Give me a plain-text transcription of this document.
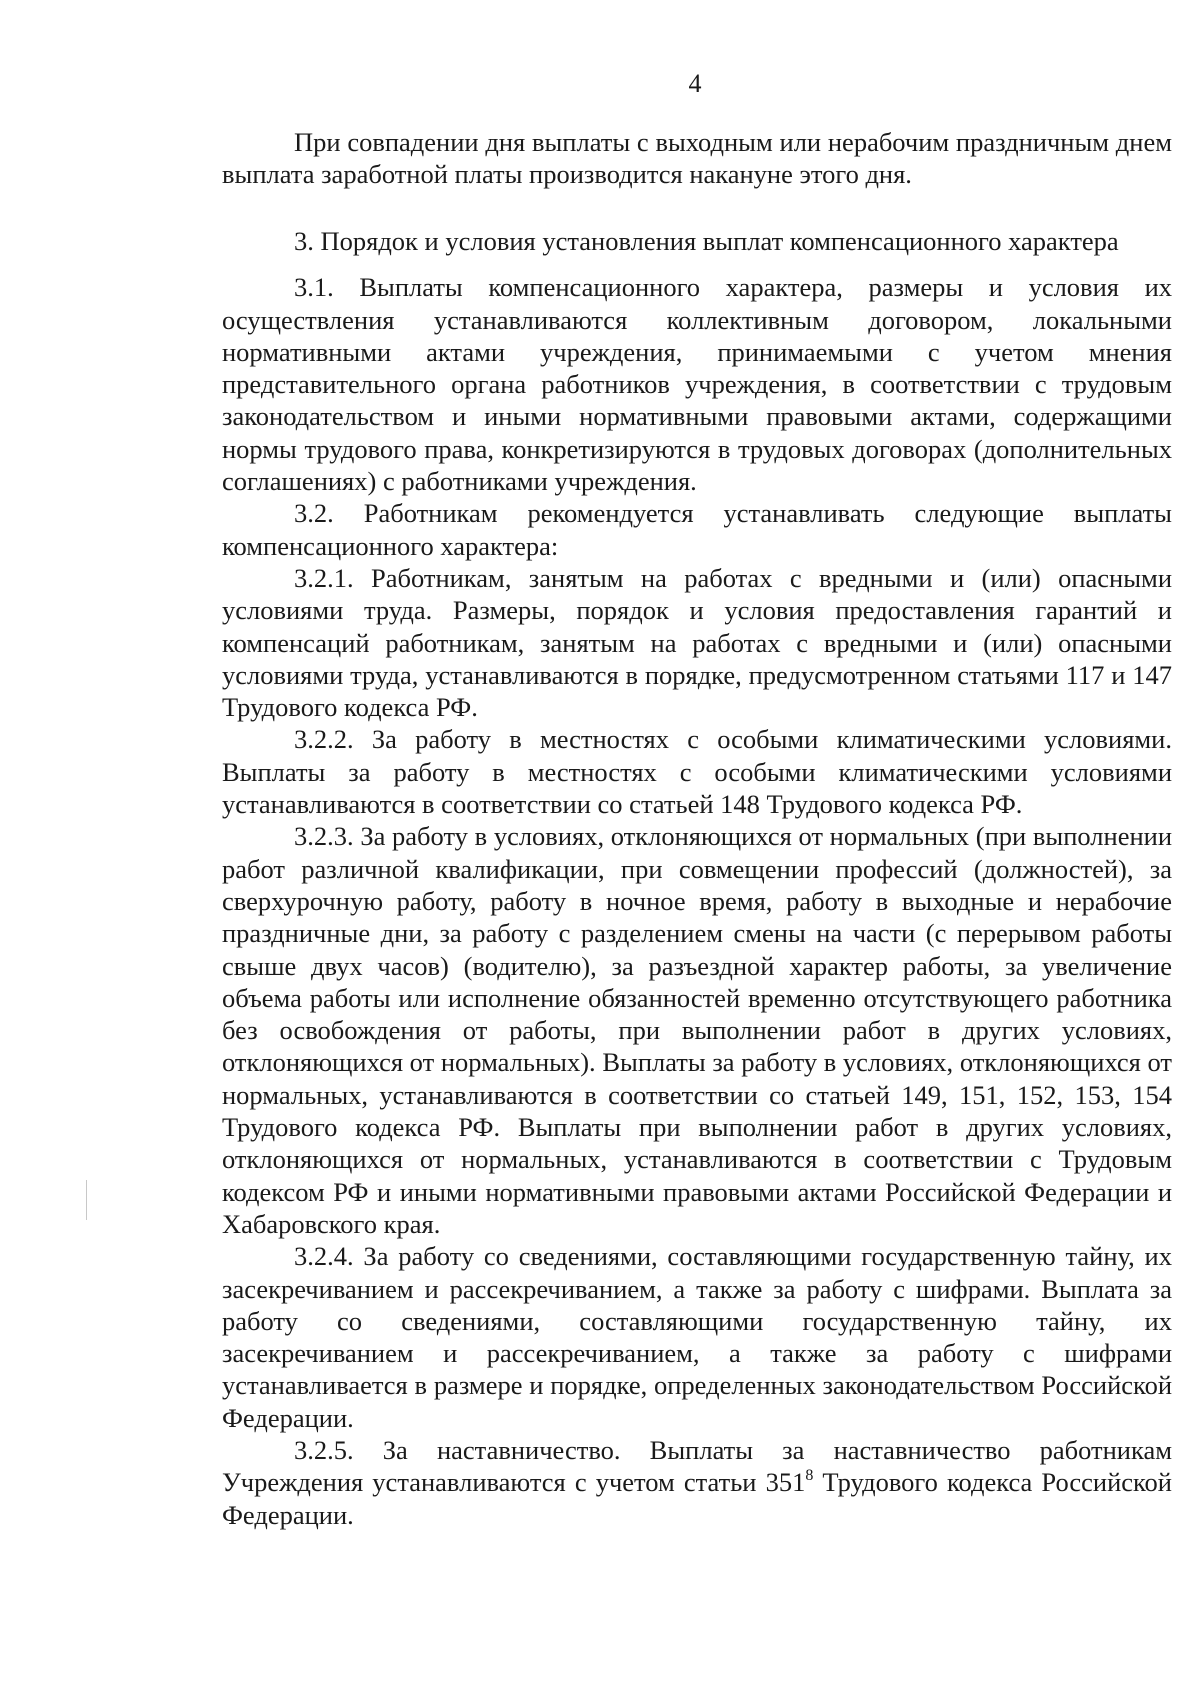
4

При совпадении дня выплаты с выходным или нерабочим праздничным днем выплата заработной платы производится накануне этого дня.

3. Порядок и условия установления выплат компенсационного характера

3.1. Выплаты компенсационного характера, размеры и условия их осуществления устанавливаются коллективным договором, локальными нормативными актами учреждения, принимаемыми с учетом мнения представительного органа работников учреждения, в соответствии с трудовым законодательством и иными нормативными правовыми актами, содержащими нормы трудового права, конкретизируются в трудовых договорах (дополнительных соглашениях) с работниками учреждения.

3.2. Работникам рекомендуется устанавливать следующие выплаты компенсационного характера:

3.2.1. Работникам, занятым на работах с вредными и (или) опасными условиями труда. Размеры, порядок и условия предоставления гарантий и компенсаций работникам, занятым на работах с вредными и (или) опасными условиями труда, устанавливаются в порядке, предусмотренном статьями 117 и 147 Трудового кодекса РФ.

3.2.2. За работу в местностях с особыми климатическими условиями. Выплаты за работу в местностях с особыми климатическими условиями устанавливаются в соответствии со статьей 148 Трудового кодекса РФ.

3.2.3. За работу в условиях, отклоняющихся от нормальных (при выполнении работ различной квалификации, при совмещении профессий (должностей), за сверхурочную работу, работу в ночное время, работу в выходные и нерабочие праздничные дни, за работу с разделением смены на части (с перерывом работы свыше двух часов) (водителю), за разъездной характер работы, за увеличение объема работы или исполнение обязанностей временно отсутствующего работника без освобождения от работы, при выполнении работ в других условиях, отклоняющихся от нормальных). Выплаты за работу в условиях, отклоняющихся от нормальных, устанавливаются в соответствии со статьей 149, 151, 152, 153, 154 Трудового кодекса РФ. Выплаты при выполнении работ в других условиях, отклоняющихся от нормальных, устанавливаются в соответствии с Трудовым кодексом РФ и иными нормативными правовыми актами Российской Федерации и Хабаровского края.

3.2.4. За работу со сведениями, составляющими государственную тайну, их засекречиванием и рассекречиванием, а также за работу с шифрами. Выплата за работу со сведениями, составляющими государственную тайну, их засекречиванием и рассекречиванием, а также за работу с шифрами устанавливается в размере и порядке, определенных законодательством Российской Федерации.

3.2.5. За наставничество. Выплаты за наставничество работникам Учреждения устанавливаются с учетом статьи $351^8$ Трудового кодекса Российской Федерации.
